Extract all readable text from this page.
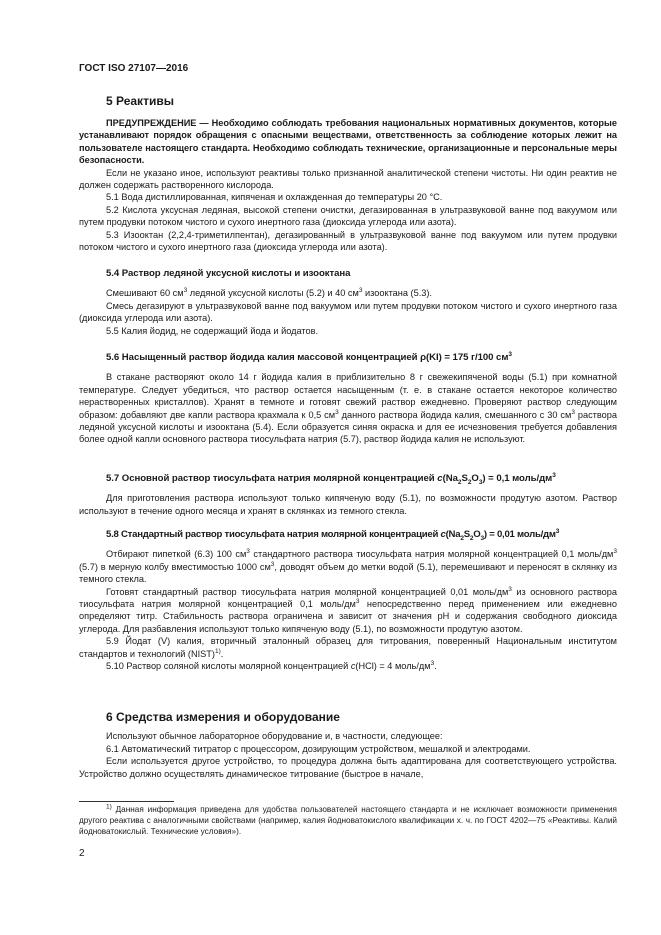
ГОСТ ISO 27107—2016
5 Реактивы

ПРЕДУПРЕЖДЕНИЕ — Необходимо соблюдать требования национальных нормативных документов, которые устанавливают порядок обращения с опасными веществами, ответственность за соблюдение которых лежит на пользователе настоящего стандарта. Необходимо соблюдать технические, организационные и персональные меры безопасности.

Если не указано иное, используют реактивы только признанной аналитической степени чистоты. Ни один реактив не должен содержать растворенного кислорода.

5.1 Вода дистиллированная, кипяченая и охлажденная до температуры 20 °С.

5.2 Кислота уксусная ледяная, высокой степени очистки, дегазированная в ультразвуковой ванне под вакуумом или путем продувки потоком чистого и сухого инертного газа (диоксида углерода или азота).

5.3 Изооктан (2,2,4-триметилпентан), дегазированный в ультразвуковой ванне под вакуумом или путем продувки потоком чистого и сухого инертного газа (диоксида углерода или азота).

5.4 Раствор ледяной уксусной кислоты и изооктана

Смешивают 60 $см^3$ ледяной уксусной кислоты (5.2) и 40 $см^3$ изооктана (5.3).

Смесь дегазируют в ультразвуковой ванне под вакуумом или путем продувки потоком чистого и сухого инертного газа (диоксида углерода или азота).

5.5 Калия йодид, не содержащий йода и йодатов.

5.6 Насыщенный раствор йодида калия массовой концентрацией ρ(KI) = 175 г/100 $см^3$

В стакане растворяют около 14 г йодида калия в приблизительно 8 г свежекипяченой воды (5.1) при комнатной температуре. Следует убедиться, что раствор остается насыщенным (т. е. в стакане остается некоторое количество нерастворенных кристаллов). Хранят в темноте и готовят свежий раствор ежедневно. Проверяют раствор следующим образом: добавляют две капли раствора крахмала к 0,5 $см^3$ данного раствора йодида калия, смешанного с 30 $см^3$ раствора ледяной уксусной кислоты и изооктана (5.4). Если образуется синяя окраска и для ее исчезновения требуется добавления более одной капли основного раствора тиосульфата натрия (5.7), раствор йодида калия не используют.

5.7 Основной раствор тиосульфата натрия молярной концентрацией $c(Na_2S_2O_3) = 0,1$ моль/$дм^3$

Для приготовления раствора используют только кипяченую воду (5.1), по возможности продутую азотом. Раствор используют в течение одного месяца и хранят в склянках из темного стекла.

5.8 Стандартный раствор тиосульфата натрия молярной концентрацией $c(Na_2S_2O_3) = 0,01$ моль/$дм^3$

Отбирают пипеткой (6.3) 100 $см^3$ стандартного раствора тиосульфата натрия молярной концентрацией 0,1 моль/$дм^3$ (5.7) в мерную колбу вместимостью 1000 $см^3$, доводят объем до метки водой (5.1), перемешивают и переносят в склянку из темного стекла.

Готовят стандартный раствор тиосульфата натрия молярной концентрацией 0,01 моль/$дм^3$ из основного раствора тиосульфата натрия молярной концентрацией 0,1 моль/$дм^3$ непосредственно перед применением или ежедневно определяют титр. Стабильность раствора ограничена и зависит от значения pH и содержания свободного диоксида углерода. Для разбавления используют только кипяченую воду (5.1), по возможности продутую азотом.

5.9 Йодат (V) калия, вторичный эталонный образец для титрования, поверенный Национальным институтом стандартов и технологий (NIST)$^{1)}$.

5.10 Раствор соляной кислоты молярной концентрацией c(HCl) = 4 моль/$дм^3$.

6 Средства измерения и оборудование

Используют обычное лабораторное оборудование и, в частности, следующее:

6.1 Автоматический титратор с процессором, дозирующим устройством, мешалкой и электродами.

Если используется другое устройство, то процедура должна быть адаптирована для соответствующего устройства. Устройство должно осуществлять динамическое титрование (быстрое в начале,

$^{1)}$ Данная информация приведена для удобства пользователей настоящего стандарта и не исключает возможности применения другого реактива с аналогичными свойствами (например, калия йодноватокислого квалификации х. ч. по ГОСТ 4202—75 «Реактивы. Калий йодноватокислый. Технические условия»).

2
